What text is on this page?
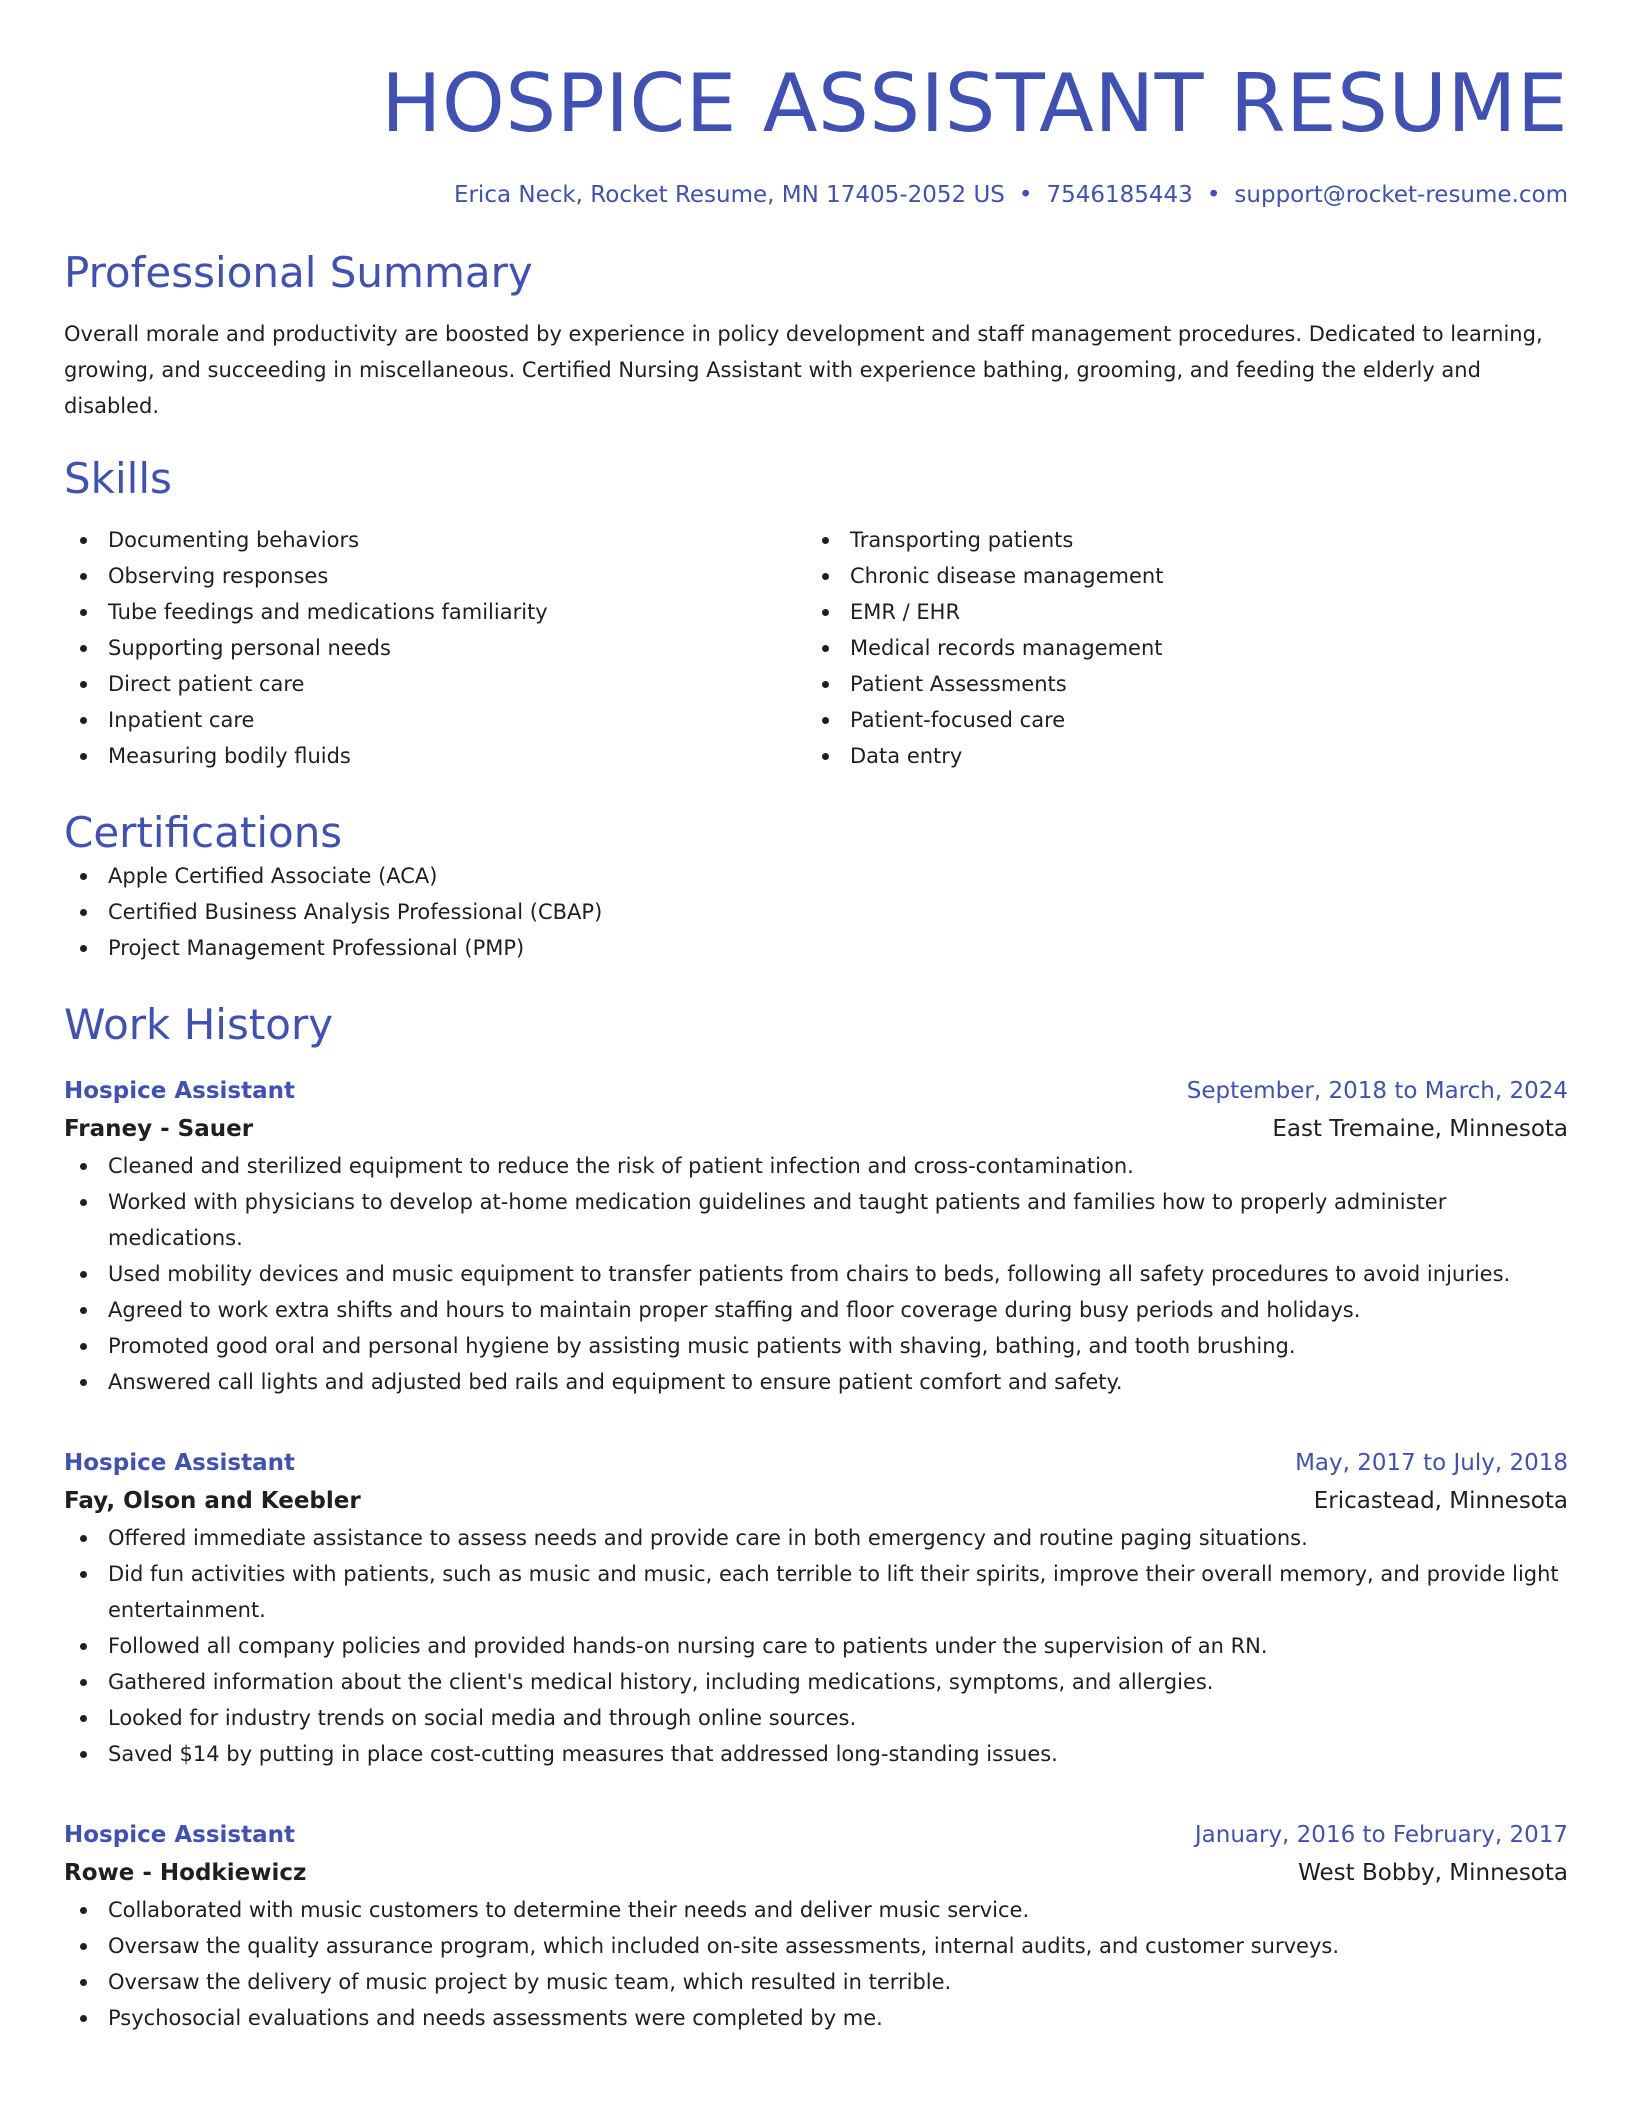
HOSPICE ASSISTANT RESUME
Erica Neck, Rocket Resume, MN 17405-2052 US • 7546185443 • support@rocket-resume.com
Professional Summary
Overall morale and productivity are boosted by experience in policy development and staff management procedures. Dedicated to learning, growing, and succeeding in miscellaneous. Certified Nursing Assistant with experience bathing, grooming, and feeding the elderly and disabled.
Skills
Documenting behaviors
Observing responses
Tube feedings and medications familiarity
Supporting personal needs
Direct patient care
Inpatient care
Measuring bodily fluids
Transporting patients
Chronic disease management
EMR / EHR
Medical records management
Patient Assessments
Patient-focused care
Data entry
Certifications
Apple Certified Associate (ACA)
Certified Business Analysis Professional (CBAP)
Project Management Professional (PMP)
Work History
Hospice Assistant	September, 2018 to March, 2024
Franey - Sauer	East Tremaine, Minnesota
Cleaned and sterilized equipment to reduce the risk of patient infection and cross-contamination.
Worked with physicians to develop at-home medication guidelines and taught patients and families how to properly administer medications.
Used mobility devices and music equipment to transfer patients from chairs to beds, following all safety procedures to avoid injuries.
Agreed to work extra shifts and hours to maintain proper staffing and floor coverage during busy periods and holidays.
Promoted good oral and personal hygiene by assisting music patients with shaving, bathing, and tooth brushing.
Answered call lights and adjusted bed rails and equipment to ensure patient comfort and safety.
Hospice Assistant	May, 2017 to July, 2018
Fay, Olson and Keebler	Ericastead, Minnesota
Offered immediate assistance to assess needs and provide care in both emergency and routine paging situations.
Did fun activities with patients, such as music and music, each terrible to lift their spirits, improve their overall memory, and provide light entertainment.
Followed all company policies and provided hands-on nursing care to patients under the supervision of an RN.
Gathered information about the client's medical history, including medications, symptoms, and allergies.
Looked for industry trends on social media and through online sources.
Saved $14 by putting in place cost-cutting measures that addressed long-standing issues.
Hospice Assistant	January, 2016 to February, 2017
Rowe - Hodkiewicz	West Bobby, Minnesota
Collaborated with music customers to determine their needs and deliver music service.
Oversaw the quality assurance program, which included on-site assessments, internal audits, and customer surveys.
Oversaw the delivery of music project by music team, which resulted in terrible.
Psychosocial evaluations and needs assessments were completed by me.
